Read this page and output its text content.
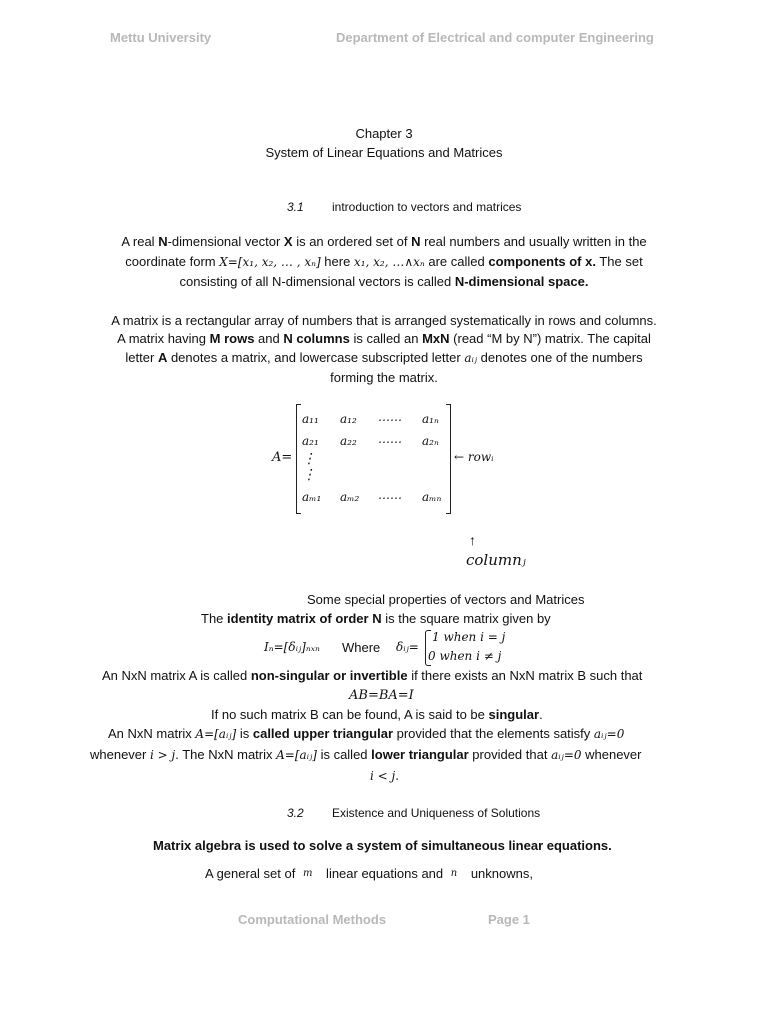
Mettu University	Department of Electrical and computer Engineering
Chapter 3
System of Linear Equations and Matrices
3.1 introduction to vectors and matrices
A real N-dimensional vector X is an ordered set of N real numbers and usually written in the
coordinate form X=[x₁, x₂, … , xₙ] here x₁, x₂, …∧xₙ are called components of x. The set
consisting of all N-dimensional vectors is called N-dimensional space.
A matrix is a rectangular array of numbers that is arranged systematically in rows and columns.
A matrix having M rows and N columns is called an MxN (read “M by N”) matrix. The capital
letter A denotes a matrix, and lowercase subscripted letter aᵢⱼ denotes one of the numbers
forming the matrix.
A=
a₁₁ a₁₂ …… a₁ₙ
a₂₁ a₂₂ …… a₂ₙ
⋮
⋮
aₘ₁ aₘ₂ …… aₘₙ
← rowᵢ
↑
columnⱼ
Some special properties of vectors and Matrices
The identity matrix of order N is the square matrix given by
Iₙ=[δᵢⱼ]ₙₓₙ Where δᵢⱼ=
1 when i = j
0 when i ≠ j
An NxN matrix A is called non-singular or invertible if there exists an NxN matrix B such that
AB=BA=I
If no such matrix B can be found, A is said to be singular.
An NxN matrix A=[aᵢⱼ] is called upper triangular provided that the elements satisfy aᵢⱼ=0
whenever i > j. The NxN matrix A=[aᵢⱼ] is called lower triangular provided that aᵢⱼ=0 whenever
i < j.
3.2 Existence and Uniqueness of Solutions
Matrix algebra is used to solve a system of simultaneous linear equations.
A general set of m linear equations and n unknowns,
Computational Methods	Page 1
